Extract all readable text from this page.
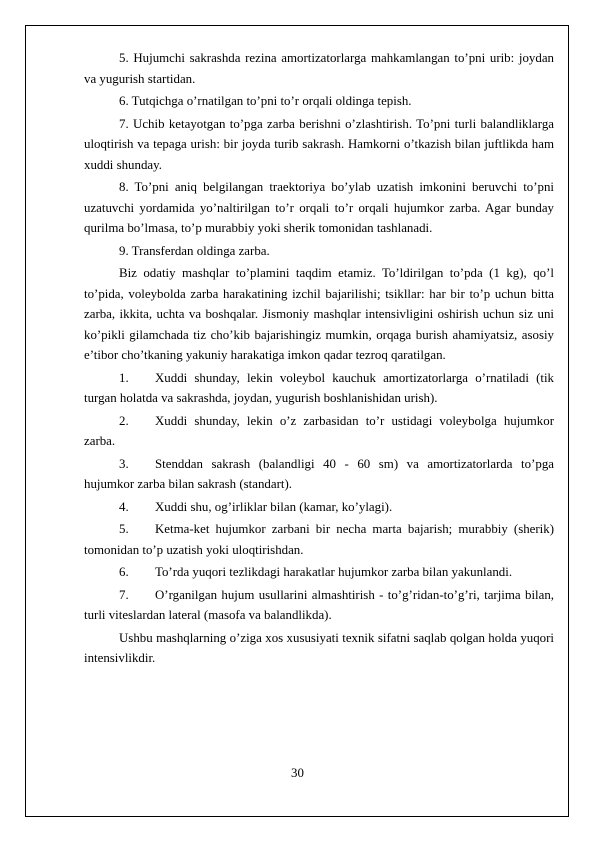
5. Hujumchi sakrashda rezina amortizatorlarga mahkamlangan to’pni urib: joydan va yugurish startidan.

6. Tutqichga o’rnatilgan to’pni to’r orqali oldinga tepish.

7. Uchib ketayotgan to’pga zarba berishni o’zlashtirish. To’pni turli balandliklarga uloqtirish va tepaga urish: bir joyda turib sakrash. Hamkorni o’tkazish bilan juftlikda ham xuddi shunday.

8. To’pni aniq belgilangan traektoriya bo’ylab uzatish imkonini beruvchi to’pni uzatuvchi yordamida yo’naltirilgan to’r orqali to’r orqali hujumkor zarba. Agar bunday qurilma bo’lmasa, to’p murabbiy yoki sherik tomonidan tashlanadi.

9. Transferdan oldinga zarba.

Biz odatiy mashqlar to’plamini taqdim etamiz. To’ldirilgan to’pda (1 kg), qo’l to’pida, voleybolda zarba harakatining izchil bajarilishi; tsikllar: har bir to’p uchun bitta zarba, ikkita, uchta va boshqalar. Jismoniy mashqlar intensivligini oshirish uchun siz uni ko’pikli gilamchada tiz cho’kib bajarishingiz mumkin, orqaga burish ahamiyatsiz, asosiy e’tibor cho’tkaning yakuniy harakatiga imkon qadar tezroq qaratilgan.

1. Xuddi shunday, lekin voleybol kauchuk amortizatorlarga o’rnatiladi (tik turgan holatda va sakrashda, joydan, yugurish boshlanishidan urish).

2. Xuddi shunday, lekin o’z zarbasidan to’r ustidagi voleybolga hujumkor zarba.

3. Stenddan sakrash (balandligi 40 - 60 sm) va amortizatorlarda to’pga hujumkor zarba bilan sakrash (standart).

4. Xuddi shu, og’irliklar bilan (kamar, ko’ylagi).

5. Ketma-ket hujumkor zarbani bir necha marta bajarish; murabbiy (sherik) tomonidan to’p uzatish yoki uloqtirishdan.

6. To’rda yuqori tezlikdagi harakatlar hujumkor zarba bilan yakunlandi.

7. O’rganilgan hujum usullarini almashtirish - to’g’ridan-to’g’ri, tarjima bilan, turli viteslardan lateral (masofa va balandlikda).

Ushbu mashqlarning o’ziga xos xususiyati texnik sifatni saqlab qolgan holda yuqori intensivlikdir.

30
